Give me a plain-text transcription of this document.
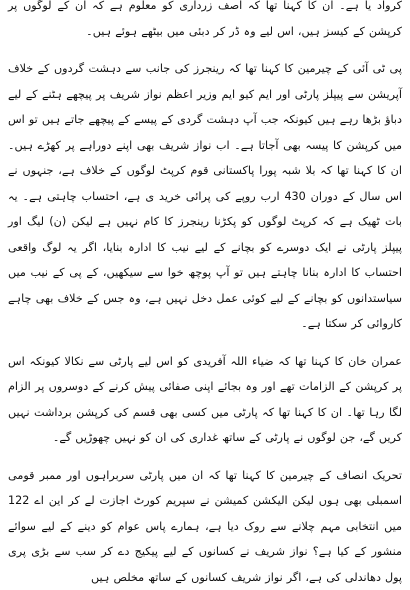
کرواد یا ہے۔ ان کا کہنا تھا کہ آصف زرداری کو معلوم ہے کہ ان کے لوگوں پر کرپشن کے کیسز ہیں، اس لیے وہ ڈر کر دبئی میں بیٹھے ہوئے ہیں۔

پی ٹی آئی کے چیرمین کا کہنا تھا کہ رینجرز کی جانب سے دہشت گردوں کے خلاف آپریشن سے پیپلز پارٹی اور ایم کیو ایم وزیر اعظم نواز شریف پر پیچھے ہٹنے کے لیے دباؤ بڑھا رہے ہیں کیونکہ جب آپ دہشت گردی کے پیسے کے پیچھے جاتے ہیں تو اس میں کرپشن کا پیسہ بھی آجاتا ہے۔ اب نواز شریف بھی اپنے دوراہے پر کھڑے ہیں۔ ان کا کہنا تھا کہ بلا شبہ پورا پاکستانی قوم کرپٹ لوگوں کے خلاف ہے، جنہوں نے اس سال کے دوران 430 ارب روپے کی پرائی خرید ی ہے، احتساب چاہتی ہے۔ یہ بات ٹھیک ہے کہ کرپٹ لوگوں کو پکڑنا رینجرز کا کام نہیں ہے لیکن (ن) لیگ اور پیپلز پارٹی نے ایک دوسرے کو بچانے کے لیے نیب کا ادارہ بنایا، اگر یہ لوگ واقعی احتساب کا ادارہ بنانا چاہتے ہیں تو آپ پوچھ خوا سے سیکھیں، کے پی کے نیب میں سیاستدانوں کو بچانے کے لیے کوئی عمل دخل نہیں ہے، وہ جس کے خلاف بھی چاہے کاروائی کر سکتا ہے۔

عمران خان کا کہنا تھا کہ ضیاء اللہ آفریدی کو اس لیے پارٹی سے نکالا کیونکہ اس پر کرپشن کے الزامات تھے اور وہ بجائے اپنی صفائی پیش کرنے کے دوسروں پر الزام لگا رہا تھا۔ ان کا کہنا تھا کہ پارٹی میں کسی بھی قسم کی کرپشن برداشت نہیں کریں گے، جن لوگوں نے پارٹی کے ساتھ غداری کی ان کو نہیں چھوڑیں گے۔

تحریک انصاف کے چیرمین کا کہنا تھا کہ ان میں پارٹی سربراہوں اور ممبر قومی اسمبلی بھی ہوں لیکن الیکشن کمیشن نے سپریم کورٹ اجازت لے کر این اے 122 میں انتخابی مہم چلانے سے روک دیا ہے، ہمارے پاس عوام کو دینے کے لیے سوائے منشور کے کیا ہے؟ نواز شریف نے کسانوں کے لیے پیکیج دے کر سب سے بڑی پری پول دھاندلی کی ہے، اگر نواز شریف کسانوں کے ساتھ مخلص ہیں
